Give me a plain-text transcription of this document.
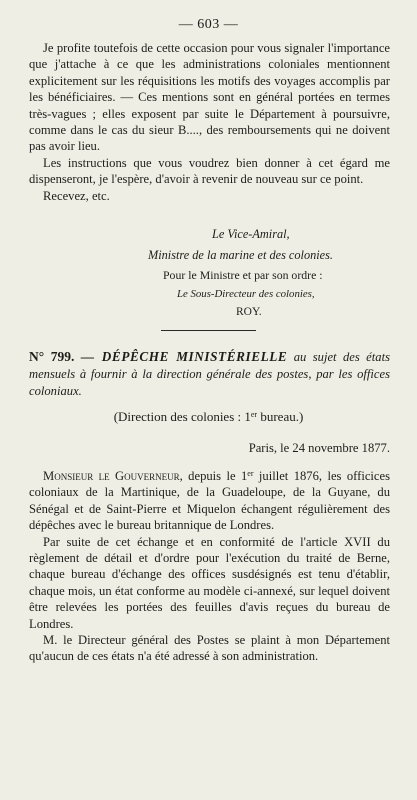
— 603 —

Je profite toutefois de cette occasion pour vous signaler l'importance que j'attache à ce que les administrations coloniales mentionnent explicitement sur les réquisitions les motifs des voyages accomplis par les bénéficiaires. — Ces mentions sont en général portées en termes très-vagues ; elles exposent par suite le Département à poursuivre, comme dans le cas du sieur B...., des remboursements qui ne doivent pas avoir lieu.

Les instructions que vous voudrez bien donner à cet égard me dispenseront, je l'espère, d'avoir à revenir de nouveau sur ce point.

Recevez, etc.

Le Vice-Amiral,
Ministre de la marine et des colonies.
Pour le Ministre et par son ordre :
Le Sous-Directeur des colonies,
ROY.
N° 799. — DÉPÊCHE MINISTÉRIELLE au sujet des états mensuels à fournir à la direction générale des postes, par les offices coloniaux.
(Direction des colonies : 1er bureau.)
Paris, le 24 novembre 1877.

Monsieur le Gouverneur, depuis le 1er juillet 1876, les officices coloniaux de la Martinique, de la Guadeloupe, de la Guyane, du Sénégal et de Saint-Pierre et Miquelon échangent régulièrement des dépêches avec le bureau britannique de Londres.

Par suite de cet échange et en conformité de l'article XVII du règlement de détail et d'ordre pour l'exécution du traité de Berne, chaque bureau d'échange des offices susdésignés est tenu d'établir, chaque mois, un état conforme au modèle ci-annexé, sur lequel doivent être relevées les portées des feuilles d'avis reçues du bureau de Londres.

M. le Directeur général des Postes se plaint à mon Département qu'aucun de ces états n'a été adressé à son administration.
